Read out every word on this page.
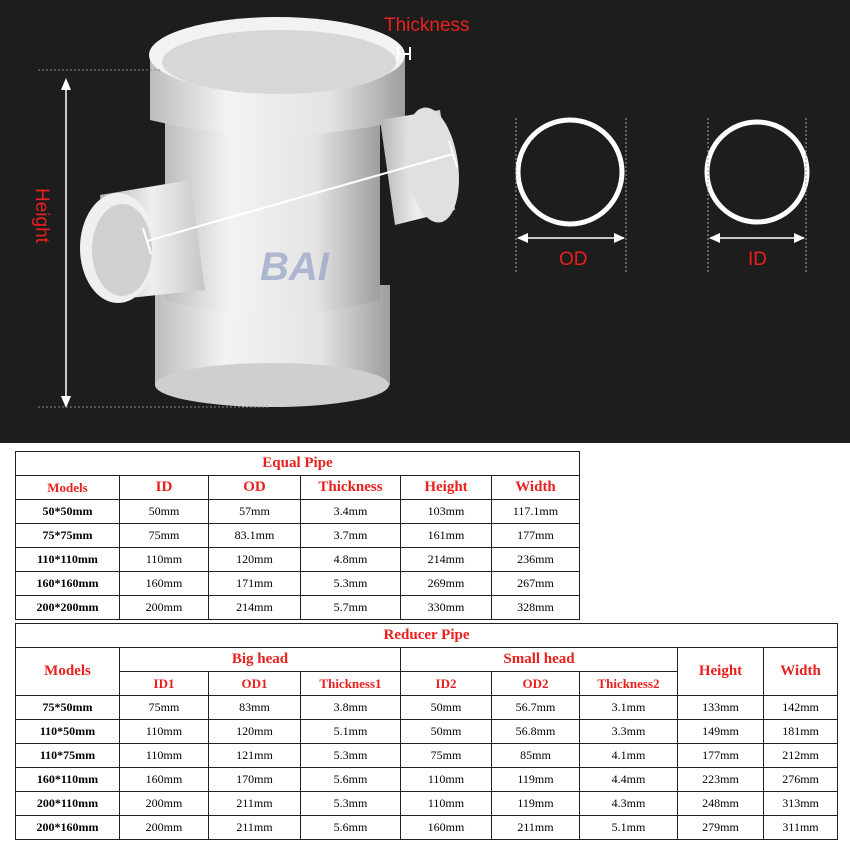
BAI
Thickness
Height
OD	ID
Equal Pipe					
Models	ID	OD	Thickness	Height	Width
50*50mm	50mm	57mm	3.4mm	103mm	117.1mm
75*75mm	75mm	83.1mm	3.7mm	161mm	177mm
110*110mm	110mm	120mm	4.8mm	214mm	236mm
160*160mm	160mm	171mm	5.3mm	269mm	267mm
200*200mm	200mm	214mm	5.7mm	330mm	328mm
Reducer Pipe								
Models	Big head			Small head			Height	Width
	ID1	OD1	Thickness1	ID2	OD2	Thickness2		
75*50mm	75mm	83mm	3.8mm	50mm	56.7mm	3.1mm	133mm	142mm
110*50mm	110mm	120mm	5.1mm	50mm	56.8mm	3.3mm	149mm	181mm
110*75mm	110mm	121mm	5.3mm	75mm	85mm	4.1mm	177mm	212mm
160*110mm	160mm	170mm	5.6mm	110mm	119mm	4.4mm	223mm	276mm
200*110mm	200mm	211mm	5.3mm	110mm	119mm	4.3mm	248mm	313mm
200*160mm	200mm	211mm	5.6mm	160mm	211mm	5.1mm	279mm	311mm
